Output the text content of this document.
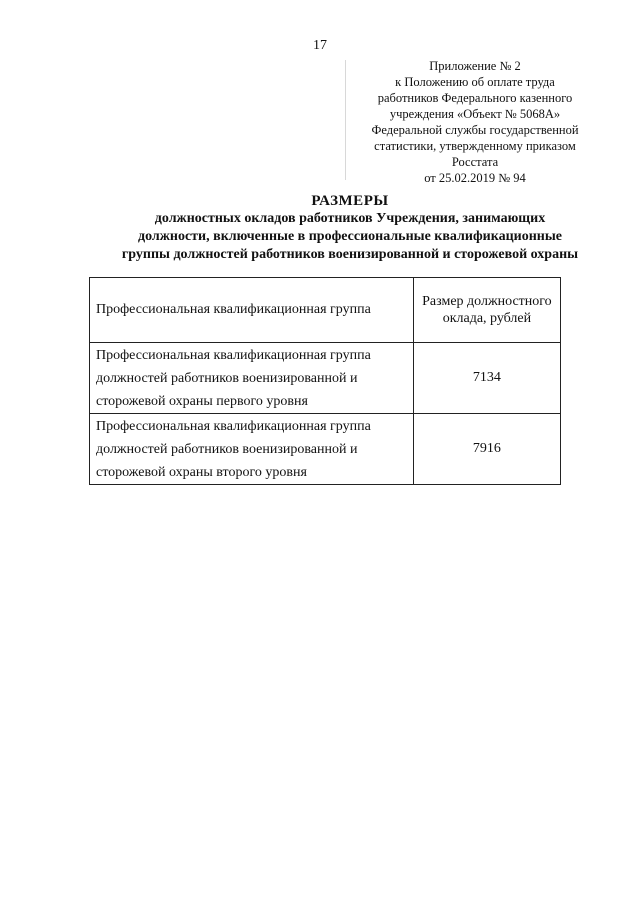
17
Приложение № 2
к Положению об оплате труда
работников Федерального казенного
учреждения «Объект № 5068А»
Федеральной службы государственной
статистики, утвержденному приказом
Росстата
от 25.02.2019 № 94
РАЗМЕРЫ
должностных окладов работников Учреждения, занимающих
должности, включенные в профессиональные квалификационные
группы должностей работников военизированной и сторожевой охраны
Профессиональная квалификационная группа	Размер должностного оклада, рублей
Профессиональная квалификационная группа должностей работников военизированной и сторожевой охраны первого уровня	7134
Профессиональная квалификационная группа должностей работников военизированной и сторожевой охраны второго уровня	7916
